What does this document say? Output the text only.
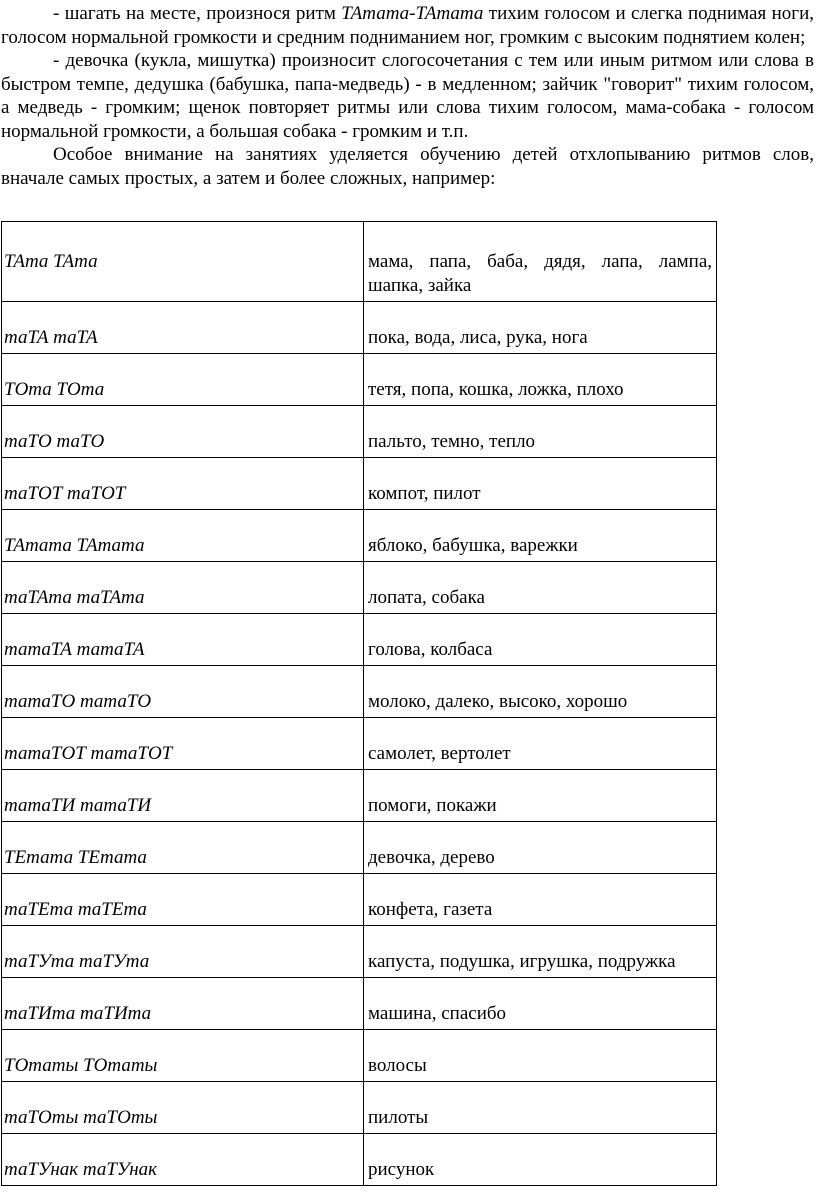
- шагать на месте, произнося ритм ТАтата-ТАтата тихим голосом и слегка поднимая ноги, голосом нормальной громкости и средним подниманием ног, громким с высоким поднятием колен;

- девочка (кукла, мишутка) произносит слогосочетания с тем или иным ритмом или слова в быстром темпе, дедушка (бабушка, папа-медведь) - в медленном; зайчик "говорит" тихим голосом, а медведь - громким; щенок повторяет ритмы или слова тихим голосом, мама-собака - голосом нормальной громкости, а большая собака - громким и т.п.

Особое внимание на занятиях уделяется обучению детей отхлопыванию ритмов слов, вначале самых простых, а затем и более сложных, например:

ТАта ТАта	мама, папа, баба, дядя, лапа, лампа, шапка, зайка
таТА таТА	пока, вода, лиса, рука, нога
ТОта ТОта	тетя, попа, кошка, ложка, плохо
таТО таТО	пальто, темно, тепло
таТОТ таТОТ	компот, пилот
ТАтата ТАтата	яблоко, бабушка, варежки
таТАта таТАта	лопата, собака
татаТА татаТА	голова, колбаса
татаТО татаТО	молоко, далеко, высоко, хорошо
татаТОТ татаТОТ	самолет, вертолет
татаТИ татаТИ	помоги, покажи
ТЕтата ТЕтата	девочка, дерево
таТЕта таТЕта	конфета, газета
таТУта таТУта	капуста, подушка, игрушка, подружка
таТИта таТИта	машина, спасибо
ТОтаты ТОтаты	волосы
таТОты таТОты	пилоты
таТУнак таТУнак	рисунок
